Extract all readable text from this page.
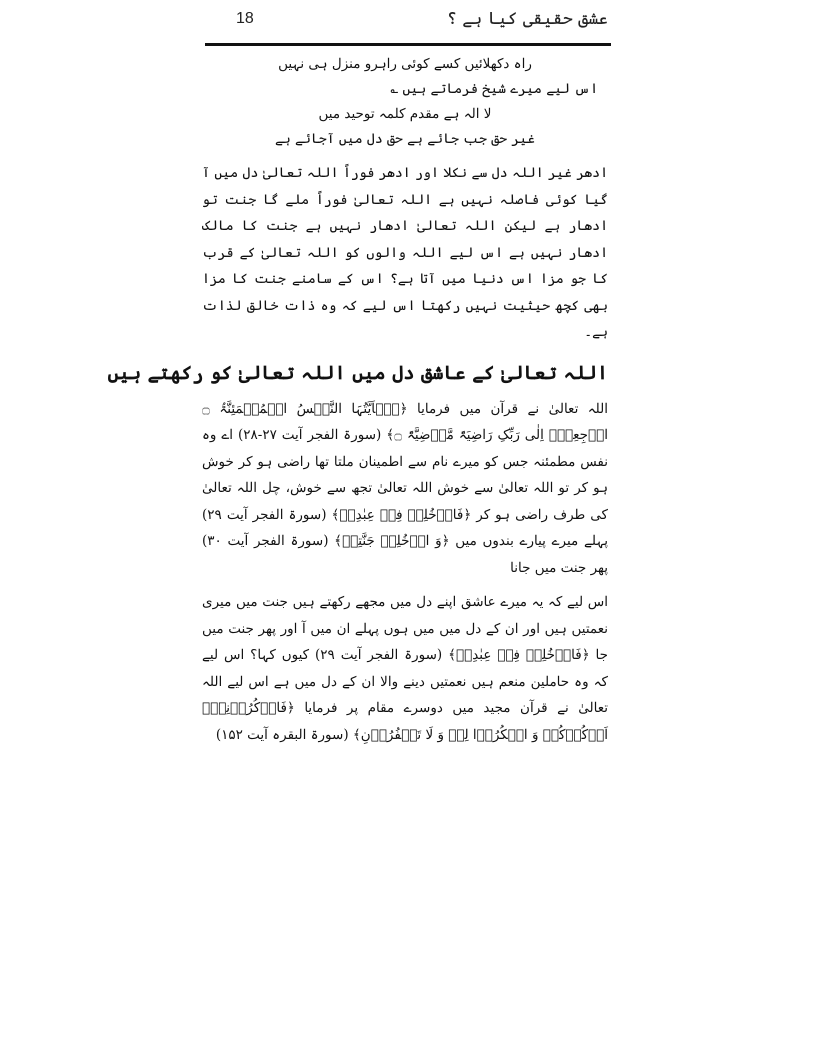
18	عشق حقیقی کیا ہے ؟

راہ دکھلائیں کسے کوئی راہرو منزل ہی نہیں

اس لیے میرے شیخ فرماتے ہیں ؎

لا الہ ہے مقدم کلمہ توحید میں

غیر حق جب جائے ہے حق دل میں آجائے ہے

ادھر غیر اللہ دل سے نکلا اور ادھر فوراً اللہ تعالیٰ دل میں آ گیا کوئی فاصلہ نہیں ہے اللہ تعالیٰ فوراً ملے گا جنت تو ادھار ہے لیکن اللہ تعالیٰ ادھار نہیں ہے جنت کا مالک ادھار نہیں ہے اس لیے اللہ والوں کو اللہ تعالیٰ کے قرب کا جو مزا اس دنیا میں آتا ہے؟ اس کے سامنے جنت کا مزا بھی کچھ حیثیت نہیں رکھتا اس لیے کہ وہ ذات خالق لذات ہے۔

اللہ تعالیٰ کے عاشق دل میں اللہ تعالیٰ کو رکھتے ہیں

اللہ تعالیٰ نے قرآن میں فرمایا ﴿یٰۤاَیَّتُہَا النَّفۡسُ الۡمُطۡمَئِنَّۃُ ۝ ارۡجِعِیۡۤ اِلٰی رَبِّکِ رَاضِیَۃً مَّرۡضِیَّۃً ۝﴾ (سورۃ الفجر آیت ۲۷-۲۸) اے وہ نفس مطمئنہ جس کو میرے نام سے اطمینان ملتا تھا راضی ہو کر خوش ہو کر تو اللہ تعالیٰ سے خوش اللہ تعالیٰ تجھ سے خوش، چل اللہ تعالیٰ کی طرف راضی ہو کر ﴿فَادۡخُلِیۡ فِیۡ عِبٰدِیۡ﴾ (سورۃ الفجر آیت ۲۹) پہلے میرے پیارے بندوں میں ﴿وَ ادۡخُلِیۡ جَنَّتِیۡ﴾ (سورۃ الفجر آیت ۳۰) پھر جنت میں جانا

اس لیے کہ یہ میرے عاشق اپنے دل میں مجھے رکھتے ہیں جنت میں میری نعمتیں ہیں اور ان کے دل میں میں ہوں پہلے ان میں آ اور پھر جنت میں جا ﴿فَادۡخُلِیۡ فِیۡ عِبٰدِیۡ﴾ (سورۃ الفجر آیت ۲۹) کیوں کہا؟ اس لیے کہ وہ حاملین منعم ہیں نعمتیں دینے والا ان کے دل میں ہے اس لیے اللہ تعالیٰ نے قرآن مجید میں دوسرے مقام پر فرمایا ﴿فَاذۡکُرُوۡنِیۡۤ اَذۡکُرۡکُمۡ وَ اشۡکُرُوۡا لِیۡ وَ لَا تَکۡفُرُوۡنِ﴾ (سورۃ البقرہ آیت ۱۵۲)
